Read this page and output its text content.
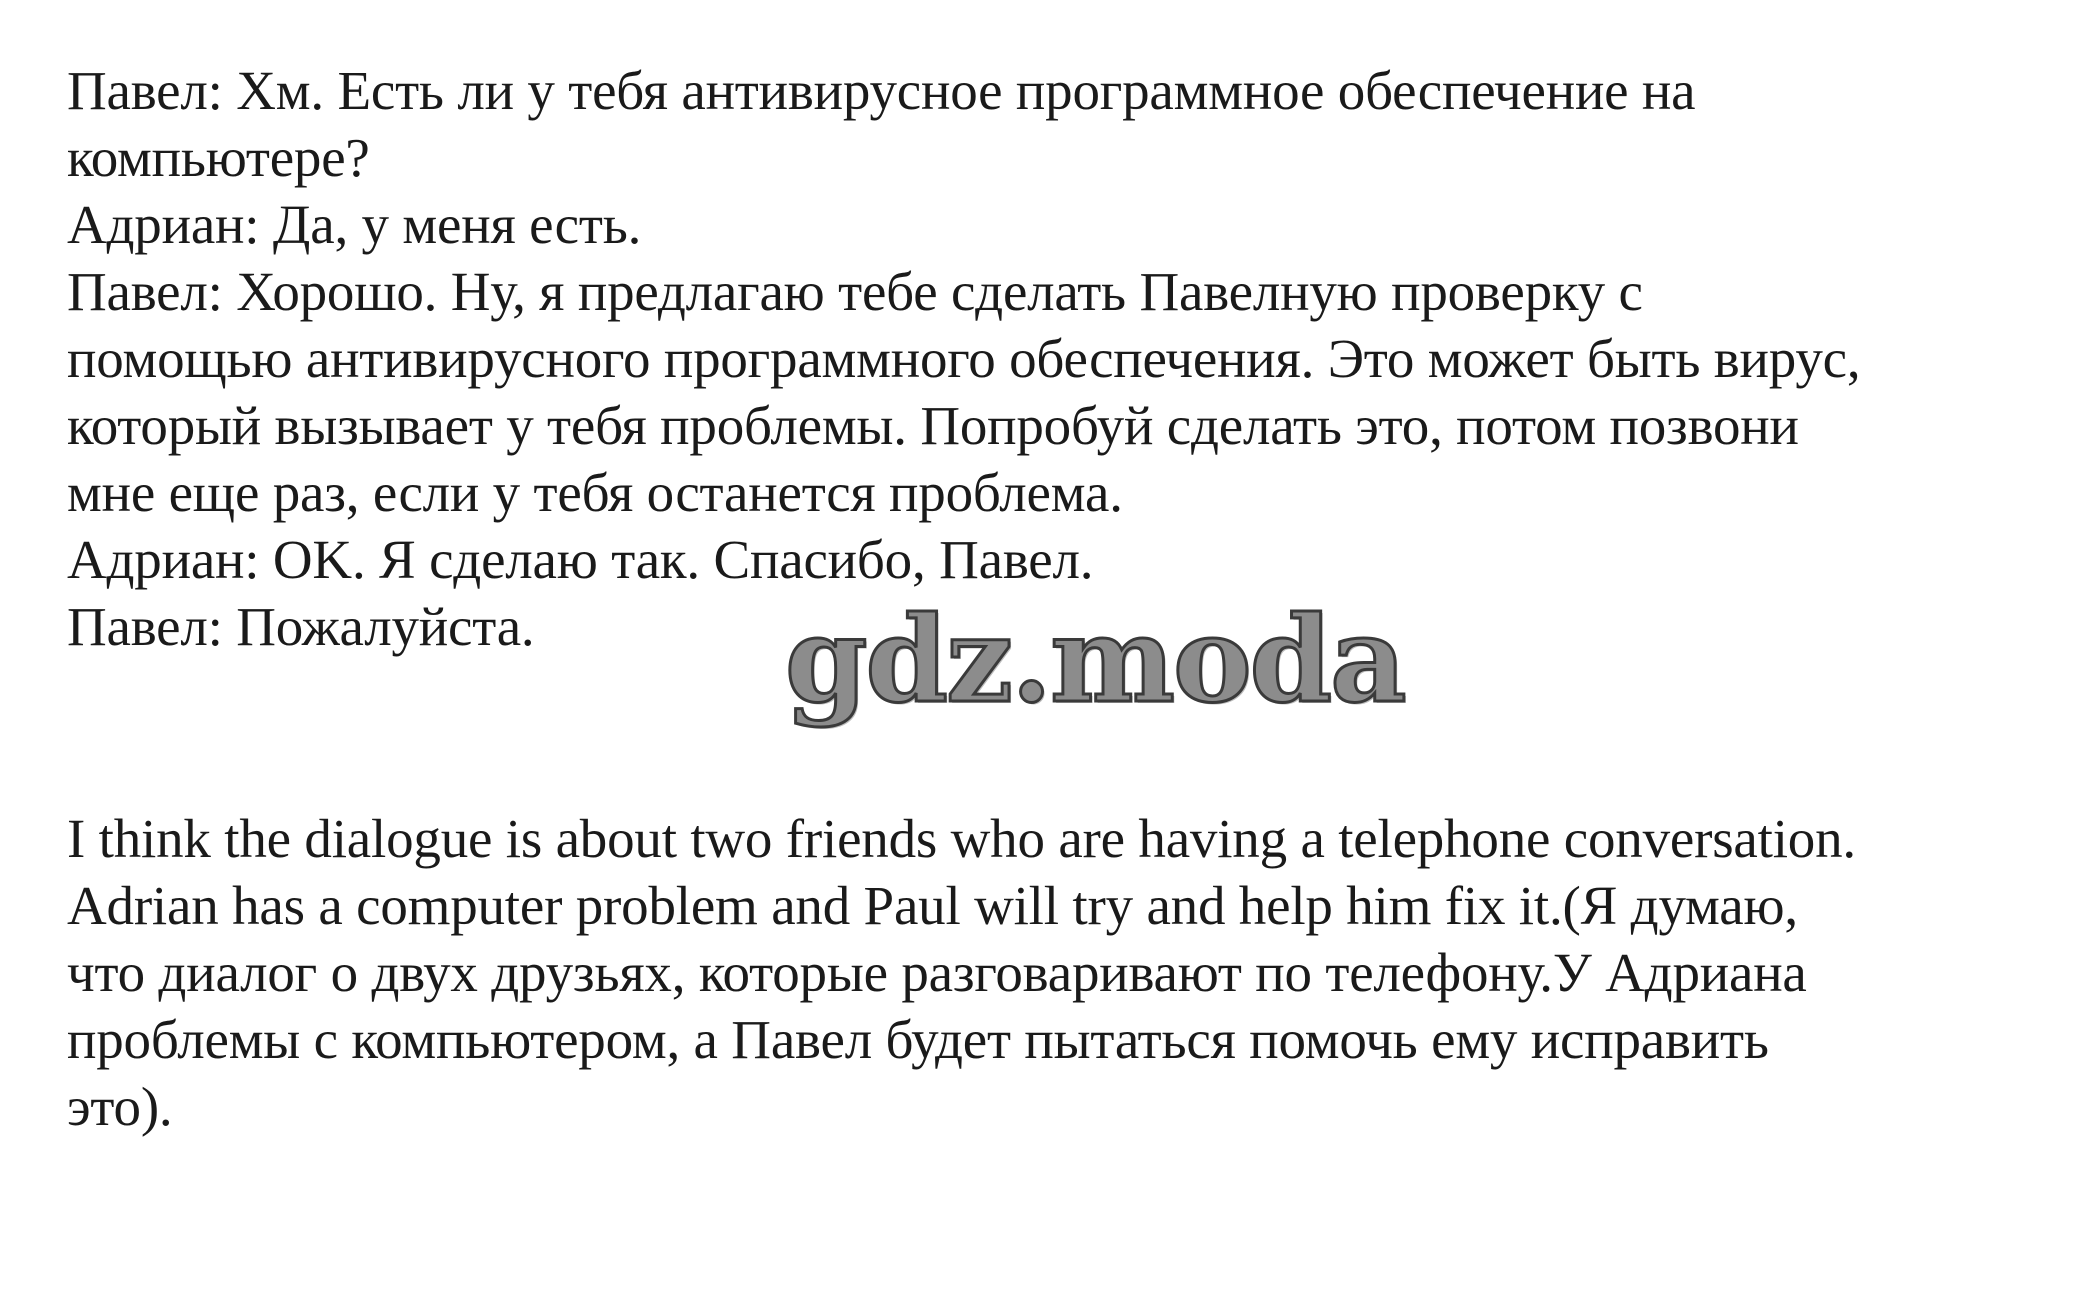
Павел: Хм. Есть ли у тебя антивирусное программное обеспечение на
компьютере?
Адриан: Да, у меня есть.
Павел: Хорошо. Ну, я предлагаю тебе сделать Павелную проверку с
помощью антивирусного программного обеспечения. Это может быть вирус,
который вызывает у тебя проблемы. Попробуй сделать это, потом позвони
мне еще раз, если у тебя останется проблема.
Адриан: OK. Я сделаю так. Спасибо, Павел.
Павел: Пожалуйста.	gdz.moda
I think the dialogue is about two friends who are having a telephone conversation.
Adrian has a computer problem and Paul will try and help him fix it.(Я думаю,
что диалог о двух друзьях, которые разговаривают по телефону.У Адриана
проблемы с компьютером, а Павел будет пытаться помочь ему исправить
это).
